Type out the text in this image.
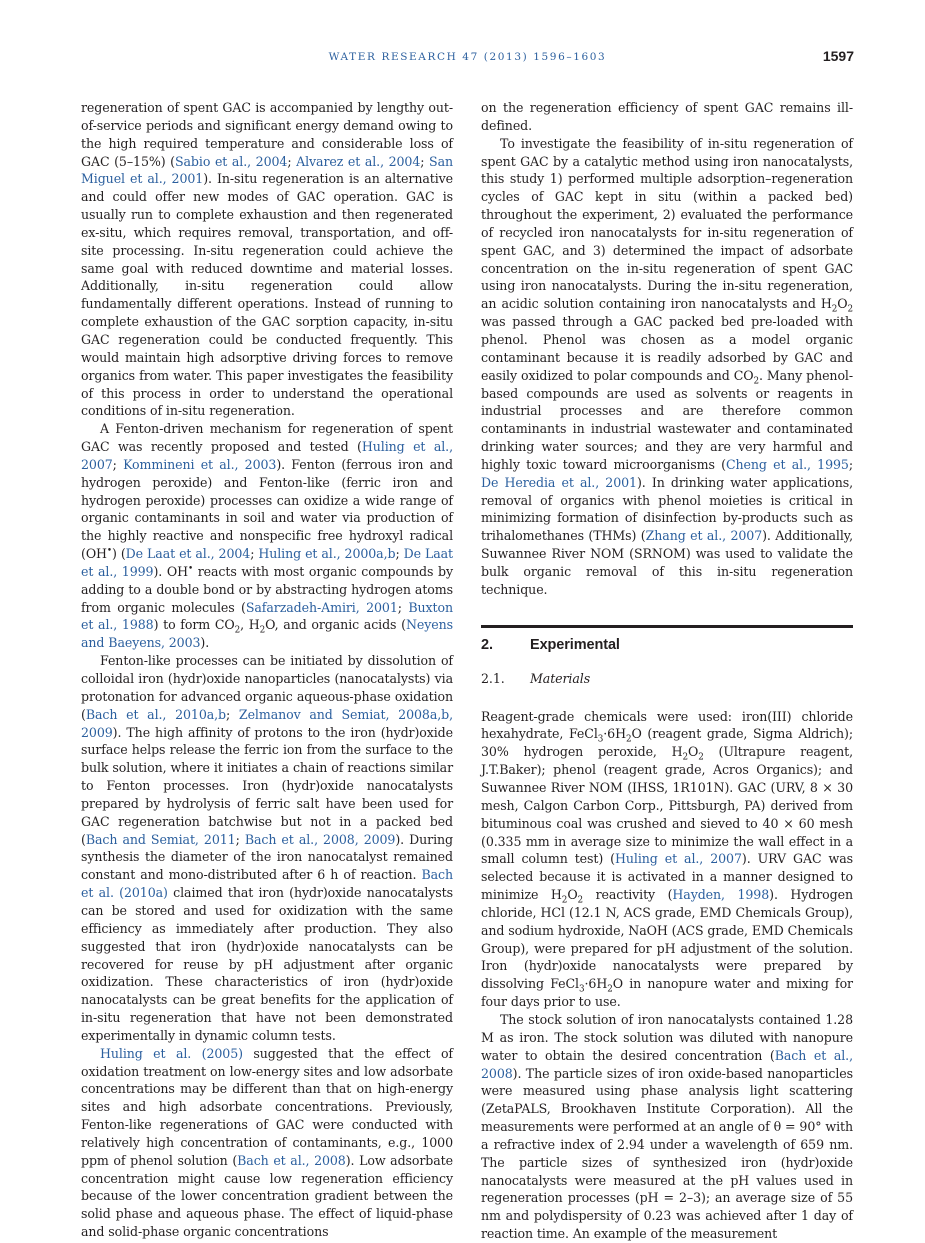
WATER RESEARCH 47 (2013) 1596–1603	1597

regeneration of spent GAC is accompanied by lengthy out-of-service periods and significant energy demand owing to the high required temperature and considerable loss of GAC (5–15%) (Sabio et al., 2004; Alvarez et al., 2004; San Miguel et al., 2001). In-situ regeneration is an alternative and could offer new modes of GAC operation. GAC is usually run to complete exhaustion and then regenerated ex-situ, which requires removal, transportation, and off-site processing. In-situ regeneration could achieve the same goal with reduced downtime and material losses. Additionally, in-situ regeneration could allow fundamentally different operations. Instead of running to complete exhaustion of the GAC sorption capacity, in-situ GAC regeneration could be conducted frequently. This would maintain high adsorptive driving forces to remove organics from water. This paper investigates the feasibility of this process in order to understand the operational conditions of in-situ regeneration.

A Fenton-driven mechanism for regeneration of spent GAC was recently proposed and tested (Huling et al., 2007; Kommineni et al., 2003). Fenton (ferrous iron and hydrogen peroxide) and Fenton-like (ferric iron and hydrogen peroxide) processes can oxidize a wide range of organic contaminants in soil and water via production of the highly reactive and nonspecific free hydroxyl radical (OH•) (De Laat et al., 2004; Huling et al., 2000a,b; De Laat et al., 1999). OH• reacts with most organic compounds by adding to a double bond or by abstracting hydrogen atoms from organic molecules (Safarzadeh-Amiri, 2001; Buxton et al., 1988) to form $CO_2$, $H_2O$, and organic acids (Neyens and Baeyens, 2003).

Fenton-like processes can be initiated by dissolution of colloidal iron (hydr)oxide nanoparticles (nanocatalysts) via protonation for advanced organic aqueous-phase oxidation (Bach et al., 2010a,b; Zelmanov and Semiat, 2008a,b, 2009). The high affinity of protons to the iron (hydr)oxide surface helps release the ferric ion from the surface to the bulk solution, where it initiates a chain of reactions similar to Fenton processes. Iron (hydr)oxide nanocatalysts prepared by hydrolysis of ferric salt have been used for GAC regeneration batchwise but not in a packed bed (Bach and Semiat, 2011; Bach et al., 2008, 2009). During synthesis the diameter of the iron nanocatalyst remained constant and mono-distributed after 6 h of reaction. Bach et al. (2010a) claimed that iron (hydr)oxide nanocatalysts can be stored and used for oxidization with the same efficiency as immediately after production. They also suggested that iron (hydr)oxide nanocatalysts can be recovered for reuse by pH adjustment after organic oxidization. These characteristics of iron (hydr)oxide nanocatalysts can be great benefits for the application of in-situ regeneration that have not been demonstrated experimentally in dynamic column tests.

Huling et al. (2005) suggested that the effect of oxidation treatment on low-energy sites and low adsorbate concentrations may be different than that on high-energy sites and high adsorbate concentrations. Previously, Fenton-like regenerations of GAC were conducted with relatively high concentration of contaminants, e.g., 1000 ppm of phenol solution (Bach et al., 2008). Low adsorbate concentration might cause low regeneration efficiency because of the lower concentration gradient between the solid phase and aqueous phase. The effect of liquid-phase and solid-phase organic concentrations

on the regeneration efficiency of spent GAC remains ill-defined.

To investigate the feasibility of in-situ regeneration of spent GAC by a catalytic method using iron nanocatalysts, this study 1) performed multiple adsorption–regeneration cycles of GAC kept in situ (within a packed bed) throughout the experiment, 2) evaluated the performance of recycled iron nanocatalysts for in-situ regeneration of spent GAC, and 3) determined the impact of adsorbate concentration on the in-situ regeneration of spent GAC using iron nanocatalysts. During the in-situ regeneration, an acidic solution containing iron nanocatalysts and $H_2O_2$ was passed through a GAC packed bed pre-loaded with phenol. Phenol was chosen as a model organic contaminant because it is readily adsorbed by GAC and easily oxidized to polar compounds and $CO_2$. Many phenol-based compounds are used as solvents or reagents in industrial processes and are therefore common contaminants in industrial wastewater and contaminated drinking water sources; and they are very harmful and highly toxic toward microorganisms (Cheng et al., 1995; De Heredia et al., 2001). In drinking water applications, removal of organics with phenol moieties is critical in minimizing formation of disinfection by-products such as trihalomethanes (THMs) (Zhang et al., 2007). Additionally, Suwannee River NOM (SRNOM) was used to validate the bulk organic removal of this in-situ regeneration technique.

2.	Experimental
2.1. Materials

Reagent-grade chemicals were used: iron(III) chloride hexahydrate, $FeCl_3\cdot 6H_2O$ (reagent grade, Sigma Aldrich); 30% hydrogen peroxide, $H_2O_2$ (Ultrapure reagent, J.T.Baker); phenol (reagent grade, Acros Organics); and Suwannee River NOM (IHSS, 1R101N). GAC (URV, 8 × 30 mesh, Calgon Carbon Corp., Pittsburgh, PA) derived from bituminous coal was crushed and sieved to 40 × 60 mesh (0.335 mm in average size to minimize the wall effect in a small column test) (Huling et al., 2007). URV GAC was selected because it is activated in a manner designed to minimize $H_2O_2$ reactivity (Hayden, 1998). Hydrogen chloride, HCl (12.1 N, ACS grade, EMD Chemicals Group), and sodium hydroxide, NaOH (ACS grade, EMD Chemicals Group), were prepared for pH adjustment of the solution. Iron (hydr)oxide nanocatalysts were prepared by dissolving $FeCl_3\cdot 6H_2O$ in nanopure water and mixing for four days prior to use.

The stock solution of iron nanocatalysts contained 1.28 M as iron. The stock solution was diluted with nanopure water to obtain the desired concentration (Bach et al., 2008). The particle sizes of iron oxide-based nanoparticles were measured using phase analysis light scattering (ZetaPALS, Brookhaven Institute Corporation). All the measurements were performed at an angle of θ = 90° with a refractive index of 2.94 under a wavelength of 659 nm. The particle sizes of synthesized iron (hydr)oxide nanocatalysts were measured at the pH values used in regeneration processes (pH = 2–3); an average size of 55 nm and polydispersity of 0.23 was achieved after 1 day of reaction time. An example of the measurement
